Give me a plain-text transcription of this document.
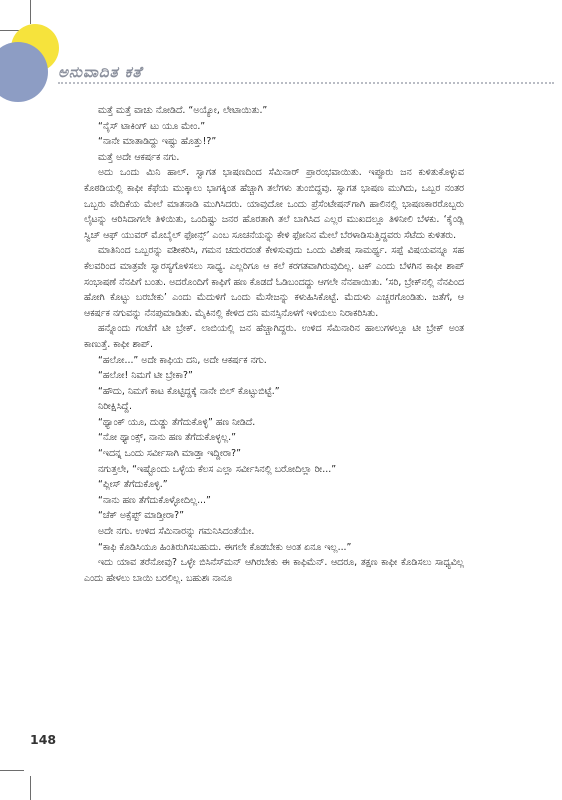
ಅನುವಾದಿತ ಕತೆ

ಮತ್ತೆ ಮತ್ತೆ ವಾಚು ನೋಡಿದೆ. “ಅಯ್ಯೋ, ಲೇಟಾಯಿತು.”

“ನೈಸ್ ಟಾಕಿಂಗ್ ಟು ಯೂ ಮೇಂ.”

“ನಾನೇ ಮಾತಾಡಿದ್ದು ಇಷ್ಟು ಹೊತ್ತು!?”

ಮತ್ತೆ ಅದೇ ಆಕರ್ಷಕ ನಗು.

ಅದು ಒಂದು ಮಿನಿ ಹಾಲ್. ಸ್ವಾಗತ ಭಾಷಣದಿಂದ ಸೆಮಿನಾರ್ ಪ್ರಾರಂಭವಾಯಿತು. ಇಪ್ಪೂರು ಜನ ಕುಳಿತುಕೊಳ್ಳುವ ಕೊಠಡಿಯಲ್ಲಿ ಕಾಫೀ ಕೆಫೆಯ ಮುಕ್ಕಾಲು ಭಾಗಕ್ಕಿಂತ ಹೆಚ್ಚಾಗಿ ತಲೆಗಳು ತುಂಬಿದ್ದವು. ಸ್ವಾಗತ ಭಾಷಣ ಮುಗಿದು, ಒಬ್ಬರ ನಂತರ ಒಬ್ಬರು ವೇದಿಕೆಯ ಮೇಲೆ ಮಾತನಾಡಿ ಮುಗಿಸಿದರು. ಯಾವುದೋ ಒಂದು ಪ್ರೆಸೆಂಟೇಷನ್‌ಗಾಗಿ ಹಾಲಿನಲ್ಲಿ ಭಾಷಣಕಾರರೊಬ್ಬರು ಲೈಟನ್ನು ಆರಿಸಿದಾಗಲೇ ತಿಳಿಯಿತು, ಒಂದಿಷ್ಟು ಜನರ ಹೊರತಾಗಿ ತಲೆ ಬಾಗಿಸಿದ ಎಲ್ಲರ ಮುಖದಲ್ಲೂ ತಿಳಿನೀಲಿ ಬೆಳಕು. ‘ಕೈಂಡ್ಲಿ ಸ್ವಿಚ್ ಆಫ್ ಯುವರ್ ಮೊಬೈಲ್ ಫೋನ್ಸ್’ ಎಂಬ ಸೂಚನೆಯನ್ನು ಕೇಳಿ ಫೋನಿನ ಮೇಲೆ ಬೆರಳಾಡಿಸುತ್ತಿದ್ದವರು ಸೆಟೆದು ಕುಳಿತರು.

ಮಾತಿನಿಂದ ಒಬ್ಬರನ್ನು ವಶೀಕರಿಸಿ, ಗಮನ ಚದುರದಂತೆ ಕೇಳಿಸುವುದು ಒಂದು ವಿಶೇಷ ಸಾಮರ್ಥ್ಯ. ಸಪ್ಪೆ ವಿಷಯವನ್ನೂ ಸಹ ಕೆಲವರಿಂದ ಮಾತ್ರವೇ ಸ್ವಾರಸ್ಯಗೊಳಿಸಲು ಸಾಧ್ಯ. ಎಲ್ಲರಿಗೂ ಆ ಕಲೆ ಕರಗತವಾಗಿರುವುದಿಲ್ಲ. ಟಕ್ ಎಂದು ಬೆಳಗಿನ ಕಾಫೀ ಶಾಪ್ ಸಂಭಾಷಣೆ ನೆನಪಿಗೆ ಬಂತು. ಅದರೊಂದಿಗೆ ಕಾಫಿಗೆ ಹಣ ಕೊಡದೆ ಓಡಿಬಂದದ್ದು ಆಗಲೇ ನೆನಪಾಯಿತು. ‘ಸರಿ, ಬ್ರೇಕ್‌ನಲ್ಲಿ ನೆನಪಿಂದ ಹೋಗಿ ಕೊಟ್ಟು ಬರಬೇಕು’ ಎಂದು ಮೆದುಳಿಗೆ ಒಂದು ಮೆಸೇಜನ್ನು ಕಳುಹಿಸಿಕೊಟ್ಟೆ. ಮೆದುಳು ಎಚ್ಚರಗೊಂಡಿತು. ಜತೆಗೆ, ಆ ಆಕರ್ಷಕ ನಗುವನ್ನು ನೆನಪುಮಾಡಿತು. ಮೈಕಿನಲ್ಲಿ ಕೇಳಿದ ದನಿ ಮನಸ್ಸಿನೊಳಗೆ ಇಳಿಯಲು ನಿರಾಕರಿಸಿತು.

ಹನ್ನೊಂದು ಗಂಟೆಗೆ ಟೀ ಬ್ರೇಕ್. ಲಾಬಿಯಲ್ಲಿ ಜನ ಹೆಚ್ಚಾಗಿದ್ದರು. ಉಳಿದ ಸೆಮಿನಾರಿನ ಹಾಲುಗಳಲ್ಲೂ ಟೀ ಬ್ರೇಕ್ ಅಂತ ಕಾಣುತ್ತೆ. ಕಾಫೀ ಶಾಪ್.

“ಹಲೋ...” ಅದೇ ಕಾಫಿಯ ದನಿ, ಅದೇ ಆಕರ್ಷಕ ನಗು.

“ಹಲೋ! ನಿಮಗೆ ಟೀ ಬ್ರೇಕಾ?”

“ಹೌದು, ನಿಮಗೆ ಕಾಟ ಕೊಟ್ಟಿದ್ದಕ್ಕೆ ನಾನೇ ಬಿಲ್ ಕೊಟ್ಟುಬಿಟ್ಟೆ.”

ನಿರೀಕ್ಷಿಸಿದ್ದೆ.

“ಥ್ಯಾಂಕ್ ಯೂ, ದುಡ್ಡು ತೆಗೆದುಕೊಳ್ಳಿ” ಹಣ ನೀಡಿದೆ.

“ನೋ ಥ್ಯಾಂಕ್ಸ್, ನಾನು ಹಣ ತೆಗೆದುಕೊಳ್ಳಲ್ಲ.”

“ಇದನ್ನ ಒಂದು ಸರ್ವೀಸಾಗಿ ಮಾಡ್ತಾ ಇದ್ದೀರಾ?”

ನಗುತ್ತಲೇ, “ಇಷ್ಟೊಂದು ಒಳ್ಳೆಯ ಕೆಲಸ ಎಲ್ಲಾ ಸರ್ವೀಸಿನಲ್ಲಿ ಬರೋದಿಲ್ಲಾ ರೀ...”

“ಪ್ಲೀಸ್ ತೆಗೆದುಕೊಳ್ಳಿ.”

“ನಾನು ಹಣ ತೆಗೆದುಕೊಳ್ಳೋದಿಲ್ಲ...”

“ಚೆಕ್ ಅಕ್ಸೆಪ್ಟ್ ಮಾಡ್ತೀರಾ?”

ಅದೇ ನಗು. ಉಳಿದ ಸೆಮಿನಾರನ್ನು ಗಮನಿಸಿದಂತೆಯೇ.

“ಕಾಫಿ ಕೊಡಿಸಿಯೂ ಹಿಂತಿರುಗಿಸಬಹುದು. ಈಗಲೇ ಕೊಡಬೇಕು ಅಂತ ಏನೂ ಇಲ್ಲ...”

ಇದು ಯಾವ ತರೆನೋವು? ಒಳ್ಳೇ ಬಿಸಿನೆಸ್‌ಮನ್ ಆಗಿರಬೇಕು ಈ ಕಾಫಿಮೆನ್. ಆದರೂ, ತಕ್ಷಣ ಕಾಫೀ ಕೊಡಿಸಲು ಸಾಧ್ಯವಿಲ್ಲ ಎಂದು ಹೇಳಲು ಬಾಯಿ ಬರಲಿಲ್ಲ. ಬಹುಶಃ ನಾನೂ

148
